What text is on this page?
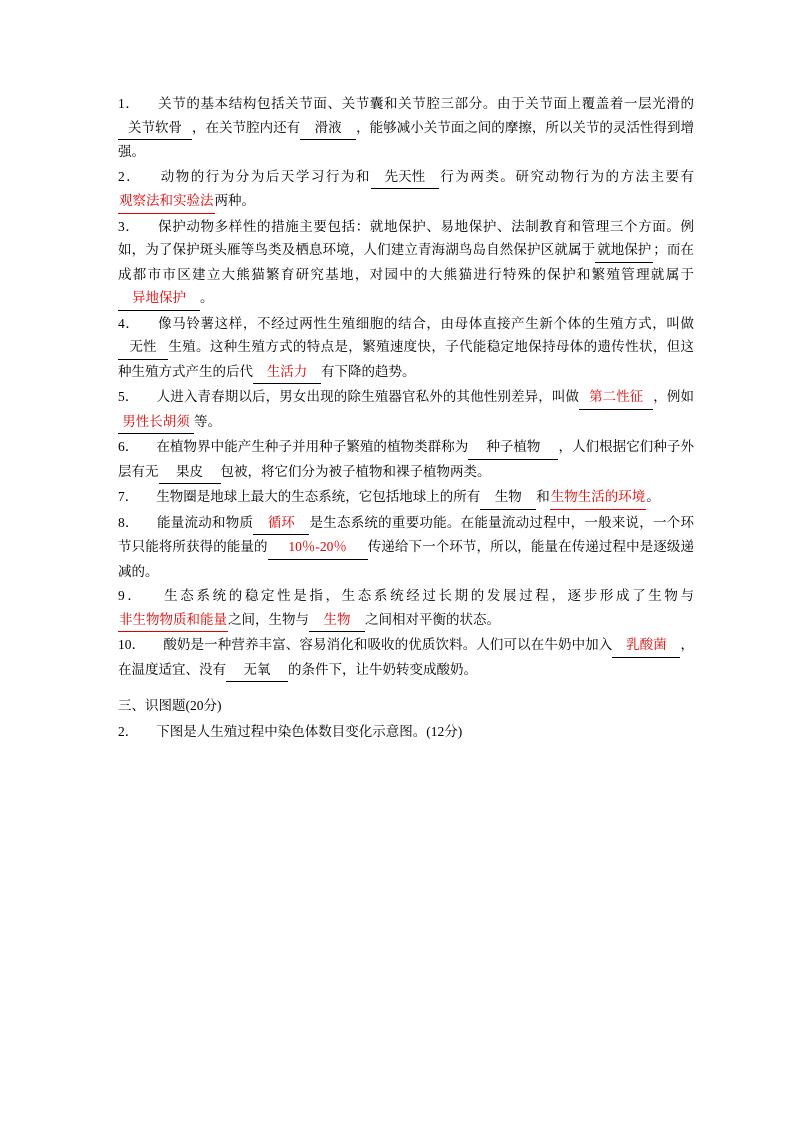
1． 关节的基本结构包括关节面、关节囊和关节腔三部分。由于关节面上覆盖着一层光滑的关节软骨 ，在关节腔内还有 滑液 ，能够减小关节面之间的摩擦，所以关节的灵活性得到增强。
2． 动物的行为分为后天学习行为和 先天性 行为两类。研究动物行为的方法主要有观察法和实验法两种。
3． 保护动物多样性的措施主要包括：就地保护、易地保护、法制教育和管理三个方面。例如，为了保护斑头雁等鸟类及栖息环境，人们建立青海湖鸟岛自然保护区就属于 就地保护 ；而在成都市市区建立大熊猫繁育研究基地，对园中的大熊猫进行特殊的保护和繁殖管理就属于异地保护 。
4． 像马铃薯这样，不经过两性生殖细胞的结合，由母体直接产生新个体的生殖方式，叫做无性 生殖。这种生殖方式的特点是，繁殖速度快，子代能稳定地保持母体的遗传性状，但这种生殖方式产生的后代 生活力 有下降的趋势。
5． 人进入青春期以后，男女出现的除生殖器官私外的其他性别差异，叫做 第二性征 ，例如男性长胡须 等。
6． 在植物界中能产生种子并用种子繁殖的植物类群称为 种子植物 ，人们根据它们种子外层有无 果皮 包被，将它们分为被子植物和裸子植物两类。
7． 生物圈是地球上最大的生态系统，它包括地球上的所有 生物 和生物生活的环境。
8． 能量流动和物质 循环 是生态系统的重要功能。在能量流动过程中，一般来说，一个环节只能将所获得的能量的 10％-20％ 传递给下一个环节，所以，能量在传递过程中是逐级递减的。
9． 生态系统的稳定性是指，生态系统经过长期的发展过程，逐步形成了生物与非生物物质和能量之间，生物与 生物 之间相对平衡的状态。
10． 酸奶是一种营养丰富、容易消化和吸收的优质饮料。人们可以在牛奶中加入 乳酸菌 ，在温度适宜、没有 无氧 的条件下，让牛奶转变成酸奶。
三、识图题(20分)
2． 下图是人生殖过程中染色体数目变化示意图。(12分)
